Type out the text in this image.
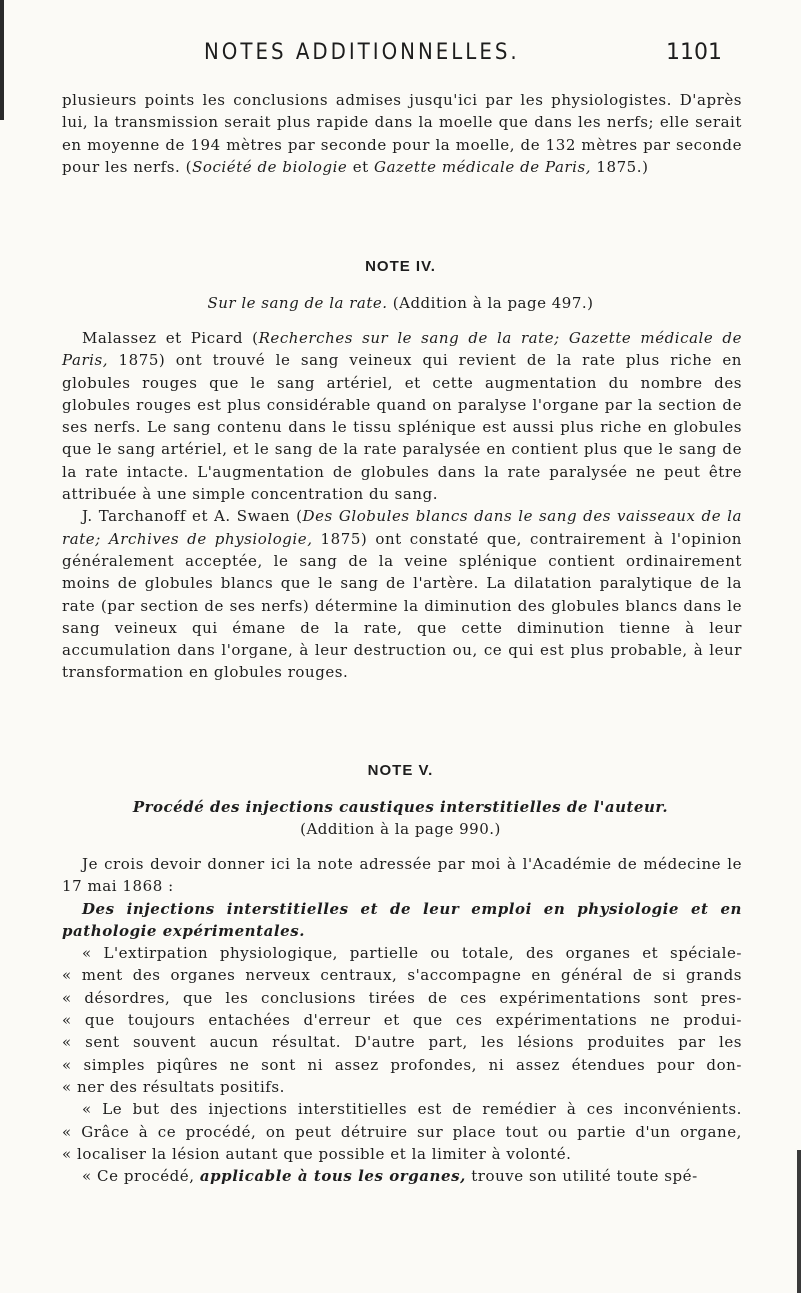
NOTES ADDITIONNELLES.	1101

plusieurs points les conclusions admises jusqu'ici par les physiologistes. D'après lui, la transmission serait plus rapide dans la moelle que dans les nerfs; elle serait en moyenne de 194 mètres par seconde pour la moelle, de 132 mètres par seconde pour les nerfs. (Société de biologie et Gazette médicale de Paris, 1875.)

NOTE IV.
Sur le sang de la rate. (Addition à la page 497.)

Malassez et Picard (Recherches sur le sang de la rate; Gazette médicale de Paris, 1875) ont trouvé le sang veineux qui revient de la rate plus riche en globules rouges que le sang artériel, et cette augmentation du nombre des globules rouges est plus considérable quand on paralyse l'organe par la section de ses nerfs. Le sang contenu dans le tissu splénique est aussi plus riche en globules que le sang artériel, et le sang de la rate paralysée en contient plus que le sang de la rate intacte. L'augmentation de globules dans la rate paralysée ne peut être attribuée à une simple concentration du sang.

J. Tarchanoff et A. Swaen (Des Globules blancs dans le sang des vaisseaux de la rate; Archives de physiologie, 1875) ont constaté que, contrairement à l'opinion généralement acceptée, le sang de la veine splénique contient ordinairement moins de globules blancs que le sang de l'artère. La dilatation paralytique de la rate (par section de ses nerfs) détermine la diminution des globules blancs dans le sang veineux qui émane de la rate, que cette diminution tienne à leur accumulation dans l'organe, à leur destruction ou, ce qui est plus probable, à leur transformation en globules rouges.

NOTE V.
Procédé des injections caustiques interstitielles de l'auteur.
(Addition à la page 990.)

Je crois devoir donner ici la note adressée par moi à l'Académie de médecine le 17 mai 1868 :

Des injections interstitielles et de leur emploi en physiologie et en pathologie expérimentales.

« L'extirpation physiologique, partielle ou totale, des organes et spéciale-

« ment des organes nerveux centraux, s'accompagne en général de si grands

« désordres, que les conclusions tirées de ces expérimentations sont pres-

« que toujours entachées d'erreur et que ces expérimentations ne produi-

« sent souvent aucun résultat. D'autre part, les lésions produites par les

« simples piqûres ne sont ni assez profondes, ni assez étendues pour don-

« ner des résultats positifs.

« Le but des injections interstitielles est de remédier à ces inconvénients.

« Grâce à ce procédé, on peut détruire sur place tout ou partie d'un organe,

« localiser la lésion autant que possible et la limiter à volonté.

« Ce procédé, applicable à tous les organes, trouve son utilité toute spé-
